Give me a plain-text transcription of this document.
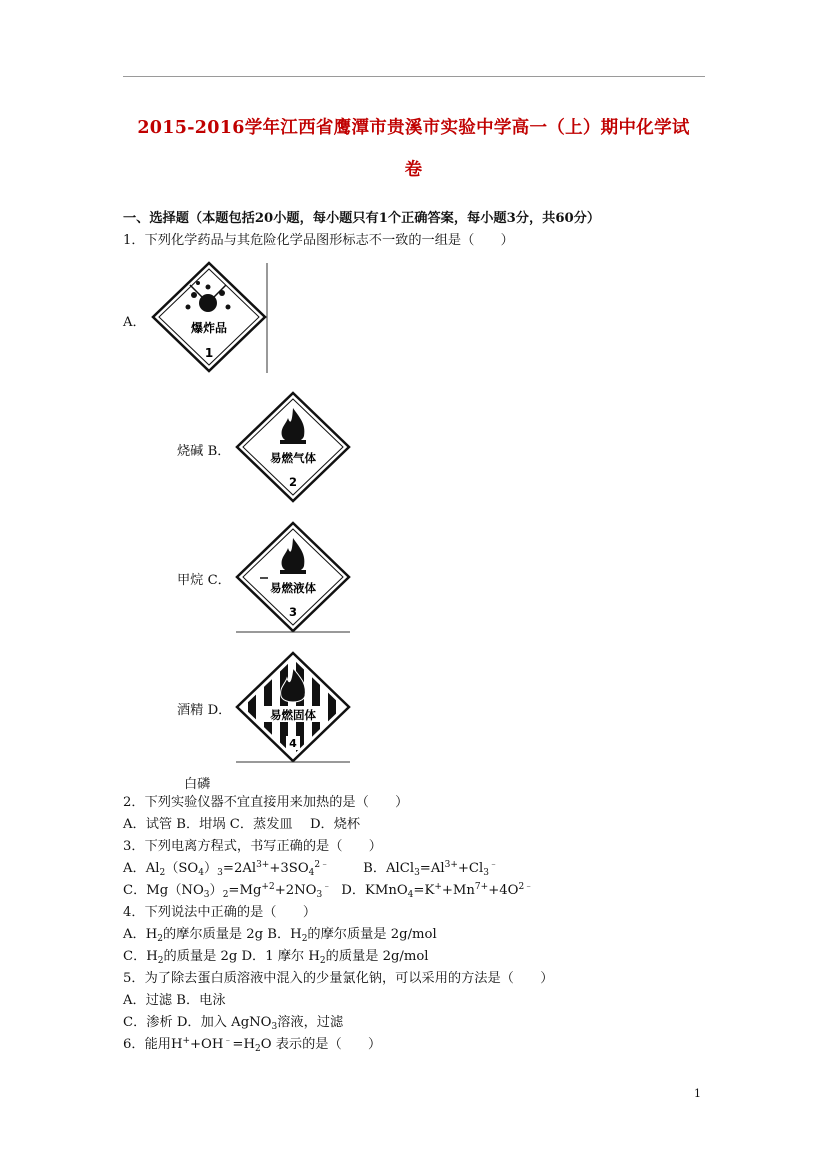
2015-2016学年江西省鹰潭市贵溪市实验中学高一（上）期中化学试
卷
一、选择题（本题包括20小题，每小题只有1个正确答案，每小题3分，共60分）
1．下列化学药品与其危险化学品图形标志不一致的一组是（　　）
A．	爆炸品
1
烧碱 B．	易燃气体
2
甲烷 C．	易燃液体
3
酒精 D．	易燃固体
4
白磷
2．下列实验仪器不宜直接用来加热的是（　　）
A．试管 B．坩埚 C．蒸发皿　 D．烧杯
3．下列电离方程式，书写正确的是（　　）
A．$Al_2(SO_4)_3=2Al^{3+}+3SO_4^{2﹣}$	B．$AlCl_3=Al^{3+}+Cl_3^﹣$
C．$Mg(NO_3)_2=Mg^{+2}+2NO_3^﹣$ D．$KMnO_4=K^++Mn^{7+}+4O^{2﹣}$
4．下列说法中正确的是（　　）
A．$H_2$的摩尔质量是 2g B．$H_2$的摩尔质量是 2g/mol
C．$H_2$的质量是 2g D．1 摩尔 $H_2$的质量是 2g/mol
5．为了除去蛋白质溶液中混入的少量氯化钠，可以采用的方法是（　　）
A．过滤 B．电泳
C．渗析 D．加入 AgNO$_3$溶液，过滤
6．能用$H^++OH^﹣=H_2O$ 表示的是（　　）
1
